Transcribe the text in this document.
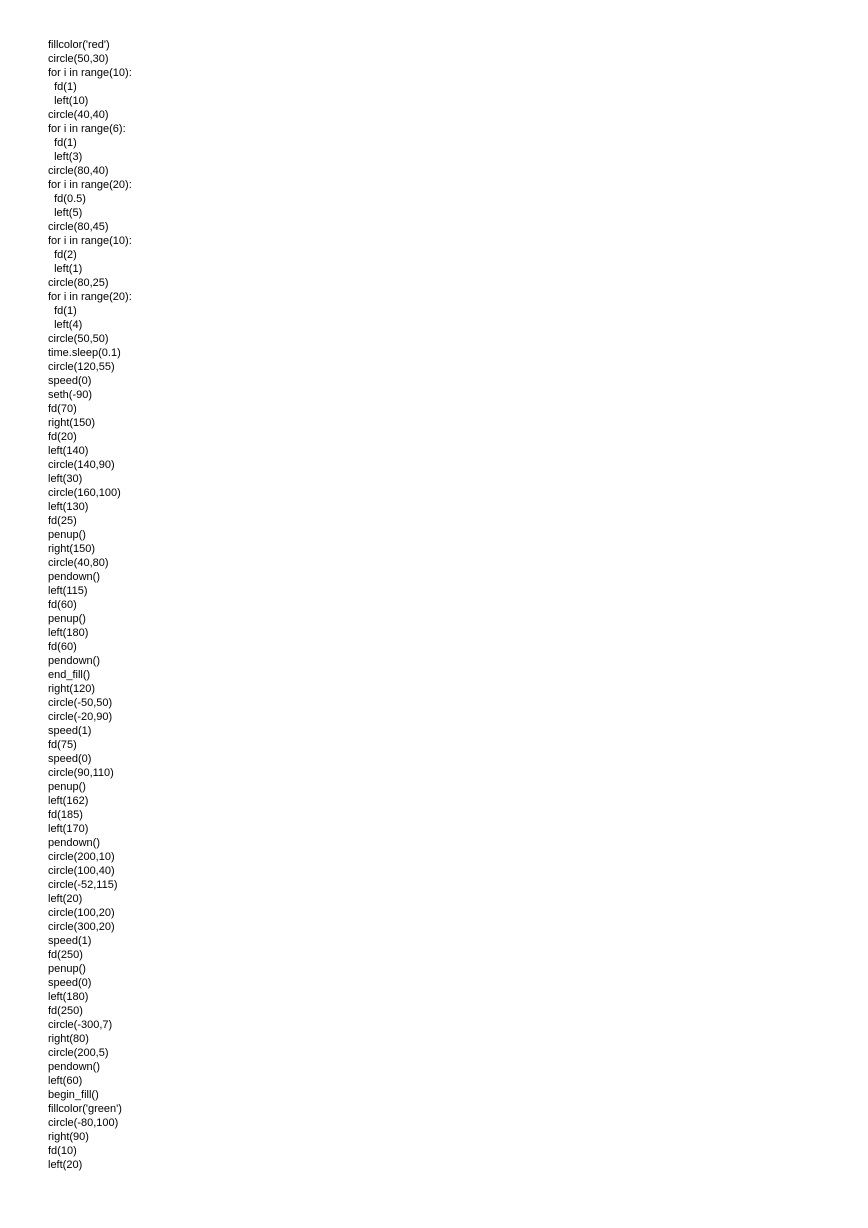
fillcolor('red')
circle(50,30)
for i in range(10):
fd(1)
left(10)
circle(40,40)
for i in range(6):
fd(1)
left(3)
circle(80,40)
for i in range(20):
fd(0.5)
left(5)
circle(80,45)
for i in range(10):
fd(2)
left(1)
circle(80,25)
for i in range(20):
fd(1)
left(4)
circle(50,50)
time.sleep(0.1)
circle(120,55)
speed(0)
seth(-90)
fd(70)
right(150)
fd(20)
left(140)
circle(140,90)
left(30)
circle(160,100)
left(130)
fd(25)
penup()
right(150)
circle(40,80)
pendown()
left(115)
fd(60)
penup()
left(180)
fd(60)
pendown()
end_fill()
right(120)
circle(-50,50)
circle(-20,90)
speed(1)
fd(75)
speed(0)
circle(90,110)
penup()
left(162)
fd(185)
left(170)
pendown()
circle(200,10)
circle(100,40)
circle(-52,115)
left(20)
circle(100,20)
circle(300,20)
speed(1)
fd(250)
penup()
speed(0)
left(180)
fd(250)
circle(-300,7)
right(80)
circle(200,5)
pendown()
left(60)
begin_fill()
fillcolor('green')
circle(-80,100)
right(90)
fd(10)
left(20)
